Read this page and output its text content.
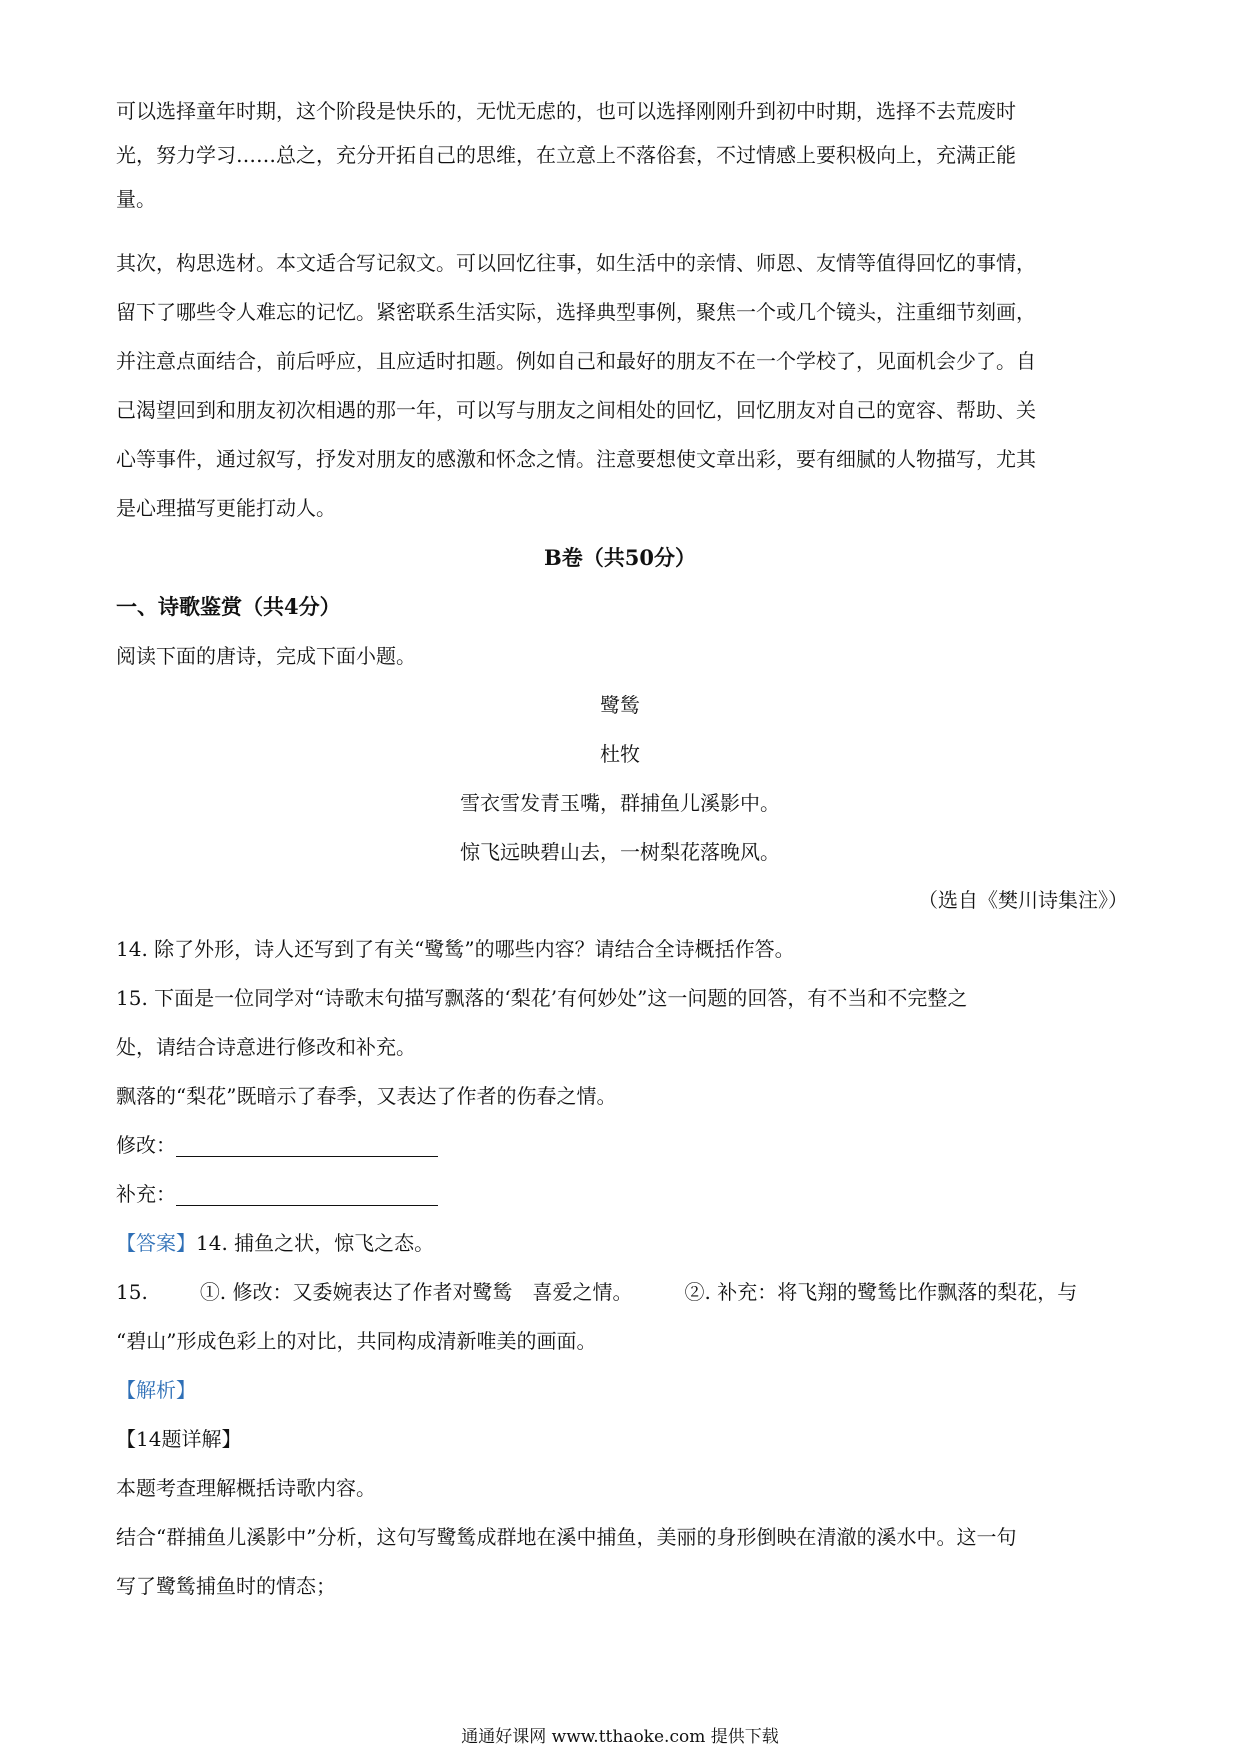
可以选择童年时期，这个阶段是快乐的，无忧无虑的，也可以选择刚刚升到初中时期，选择不去荒废时
光，努力学习……总之，充分开拓自己的思维，在立意上不落俗套，不过情感上要积极向上，充满正能
量。
其次，构思选材。本文适合写记叙文。可以回忆往事，如生活中的亲情、师恩、友情等值得回忆的事情，
留下了哪些令人难忘的记忆。紧密联系生活实际，选择典型事例，聚焦一个或几个镜头，注重细节刻画，
并注意点面结合，前后呼应，且应适时扣题。例如自己和最好的朋友不在一个学校了，见面机会少了。自
己渴望回到和朋友初次相遇的那一年，可以写与朋友之间相处的回忆，回忆朋友对自己的宽容、帮助、关
心等事件，通过叙写，抒发对朋友的感激和怀念之情。注意要想使文章出彩，要有细腻的人物描写，尤其
是心理描写更能打动人。
B卷（共50分）
一、诗歌鉴赏（共4分）
阅读下面的唐诗，完成下面小题。
鹭鸶
杜牧
雪衣雪发青玉嘴，群捕鱼儿溪影中。
惊飞远映碧山去，一树梨花落晚风。
（选自《樊川诗集注》）
14. 除了外形，诗人还写到了有关“鹭鸶”的哪些内容？请结合全诗概括作答。
15. 下面是一位同学对“诗歌末句描写飘落的‘梨花’有何妙处”这一问题的回答，有不当和不完整之
处，请结合诗意进行修改和补充。
飘落的“梨花”既暗示了春季，又表达了作者的伤春之情。
修改：
补充：
【答案】14. 捕鱼之状，惊飞之态。
15.	①. 修改：又委婉表达了作者对鹭鸶　喜爱之情。	②. 补充：将飞翔的鹭鸶比作飘落的梨花，与
“碧山”形成色彩上的对比，共同构成清新唯美的画面。
【解析】
【14题详解】
本题考查理解概括诗歌内容。
结合“群捕鱼儿溪影中”分析，这句写鹭鸶成群地在溪中捕鱼，美丽的身形倒映在清澈的溪水中。这一句
写了鹭鸶捕鱼时的情态；
通通好课网 www.tthaoke.com 提供下载
